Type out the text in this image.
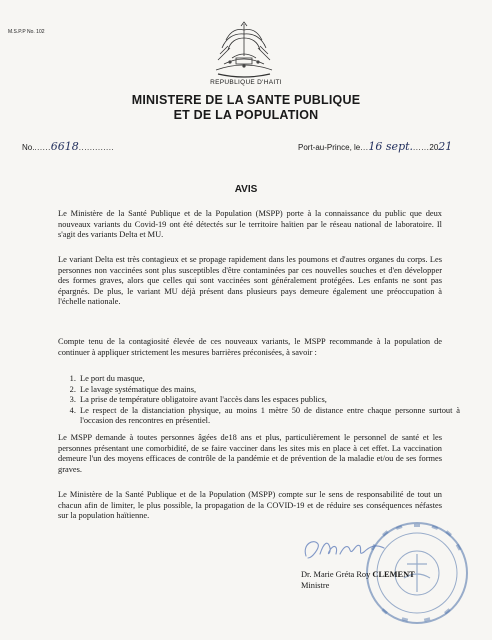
M.S.P.P No. 102
REPUBLIQUE D'HAITI
MINISTERE DE LA SANTE PUBLIQUE
ET DE LA POPULATION
No.......6618.............	Port-au-Prince, le...16 sept.......2021
AVIS

Le Ministère de la Santé Publique et de la Population (MSPP) porte à la connaissance du public que deux nouveaux variants du Covid-19 ont été détectés sur le territoire haïtien par le réseau national de laboratoire. Il s'agit des variants Delta et MU.

Le variant Delta est très contagieux et se propage rapidement dans les poumons et d'autres organes du corps. Les personnes non vaccinées sont plus susceptibles d'être contaminées par ces nouvelles souches et d'en développer des formes graves, alors que celles qui sont vaccinées sont généralement protégées. Les enfants ne sont pas épargnés. De plus, le variant MU déjà présent dans plusieurs pays demeure également une préoccupation à l'échelle nationale.

Compte tenu de la contagiosité élevée de ces nouveaux variants, le MSPP recommande à la population de continuer à appliquer strictement les mesures barrières préconisées, à savoir :

1. Le port du masque,
2. Le lavage systématique des mains,
3. La prise de température obligatoire avant l'accès dans les espaces publics,
4. Le respect de la distanciation physique, au moins 1 mètre 50 de distance entre chaque personne surtout à l'occasion des rencontres en présentiel.

Le MSPP demande à toutes personnes âgées de18 ans et plus, particulièrement le personnel de santé et les personnes présentant une comorbidité, de se faire vacciner dans les sites mis en place à cet effet. La vaccination demeure l'un des moyens efficaces de contrôle de la pandémie et de prévention de la maladie et/ou de ses formes graves.

Le Ministère de la Santé Publique et de la Population (MSPP) compte sur le sens de responsabilité de tout un chacun afin de limiter, le plus possible, la propagation de la COVID-19 et de réduire ses conséquences néfastes sur la population haïtienne.

Dr. Marie Gréta Roy CLEMENT
Ministre
